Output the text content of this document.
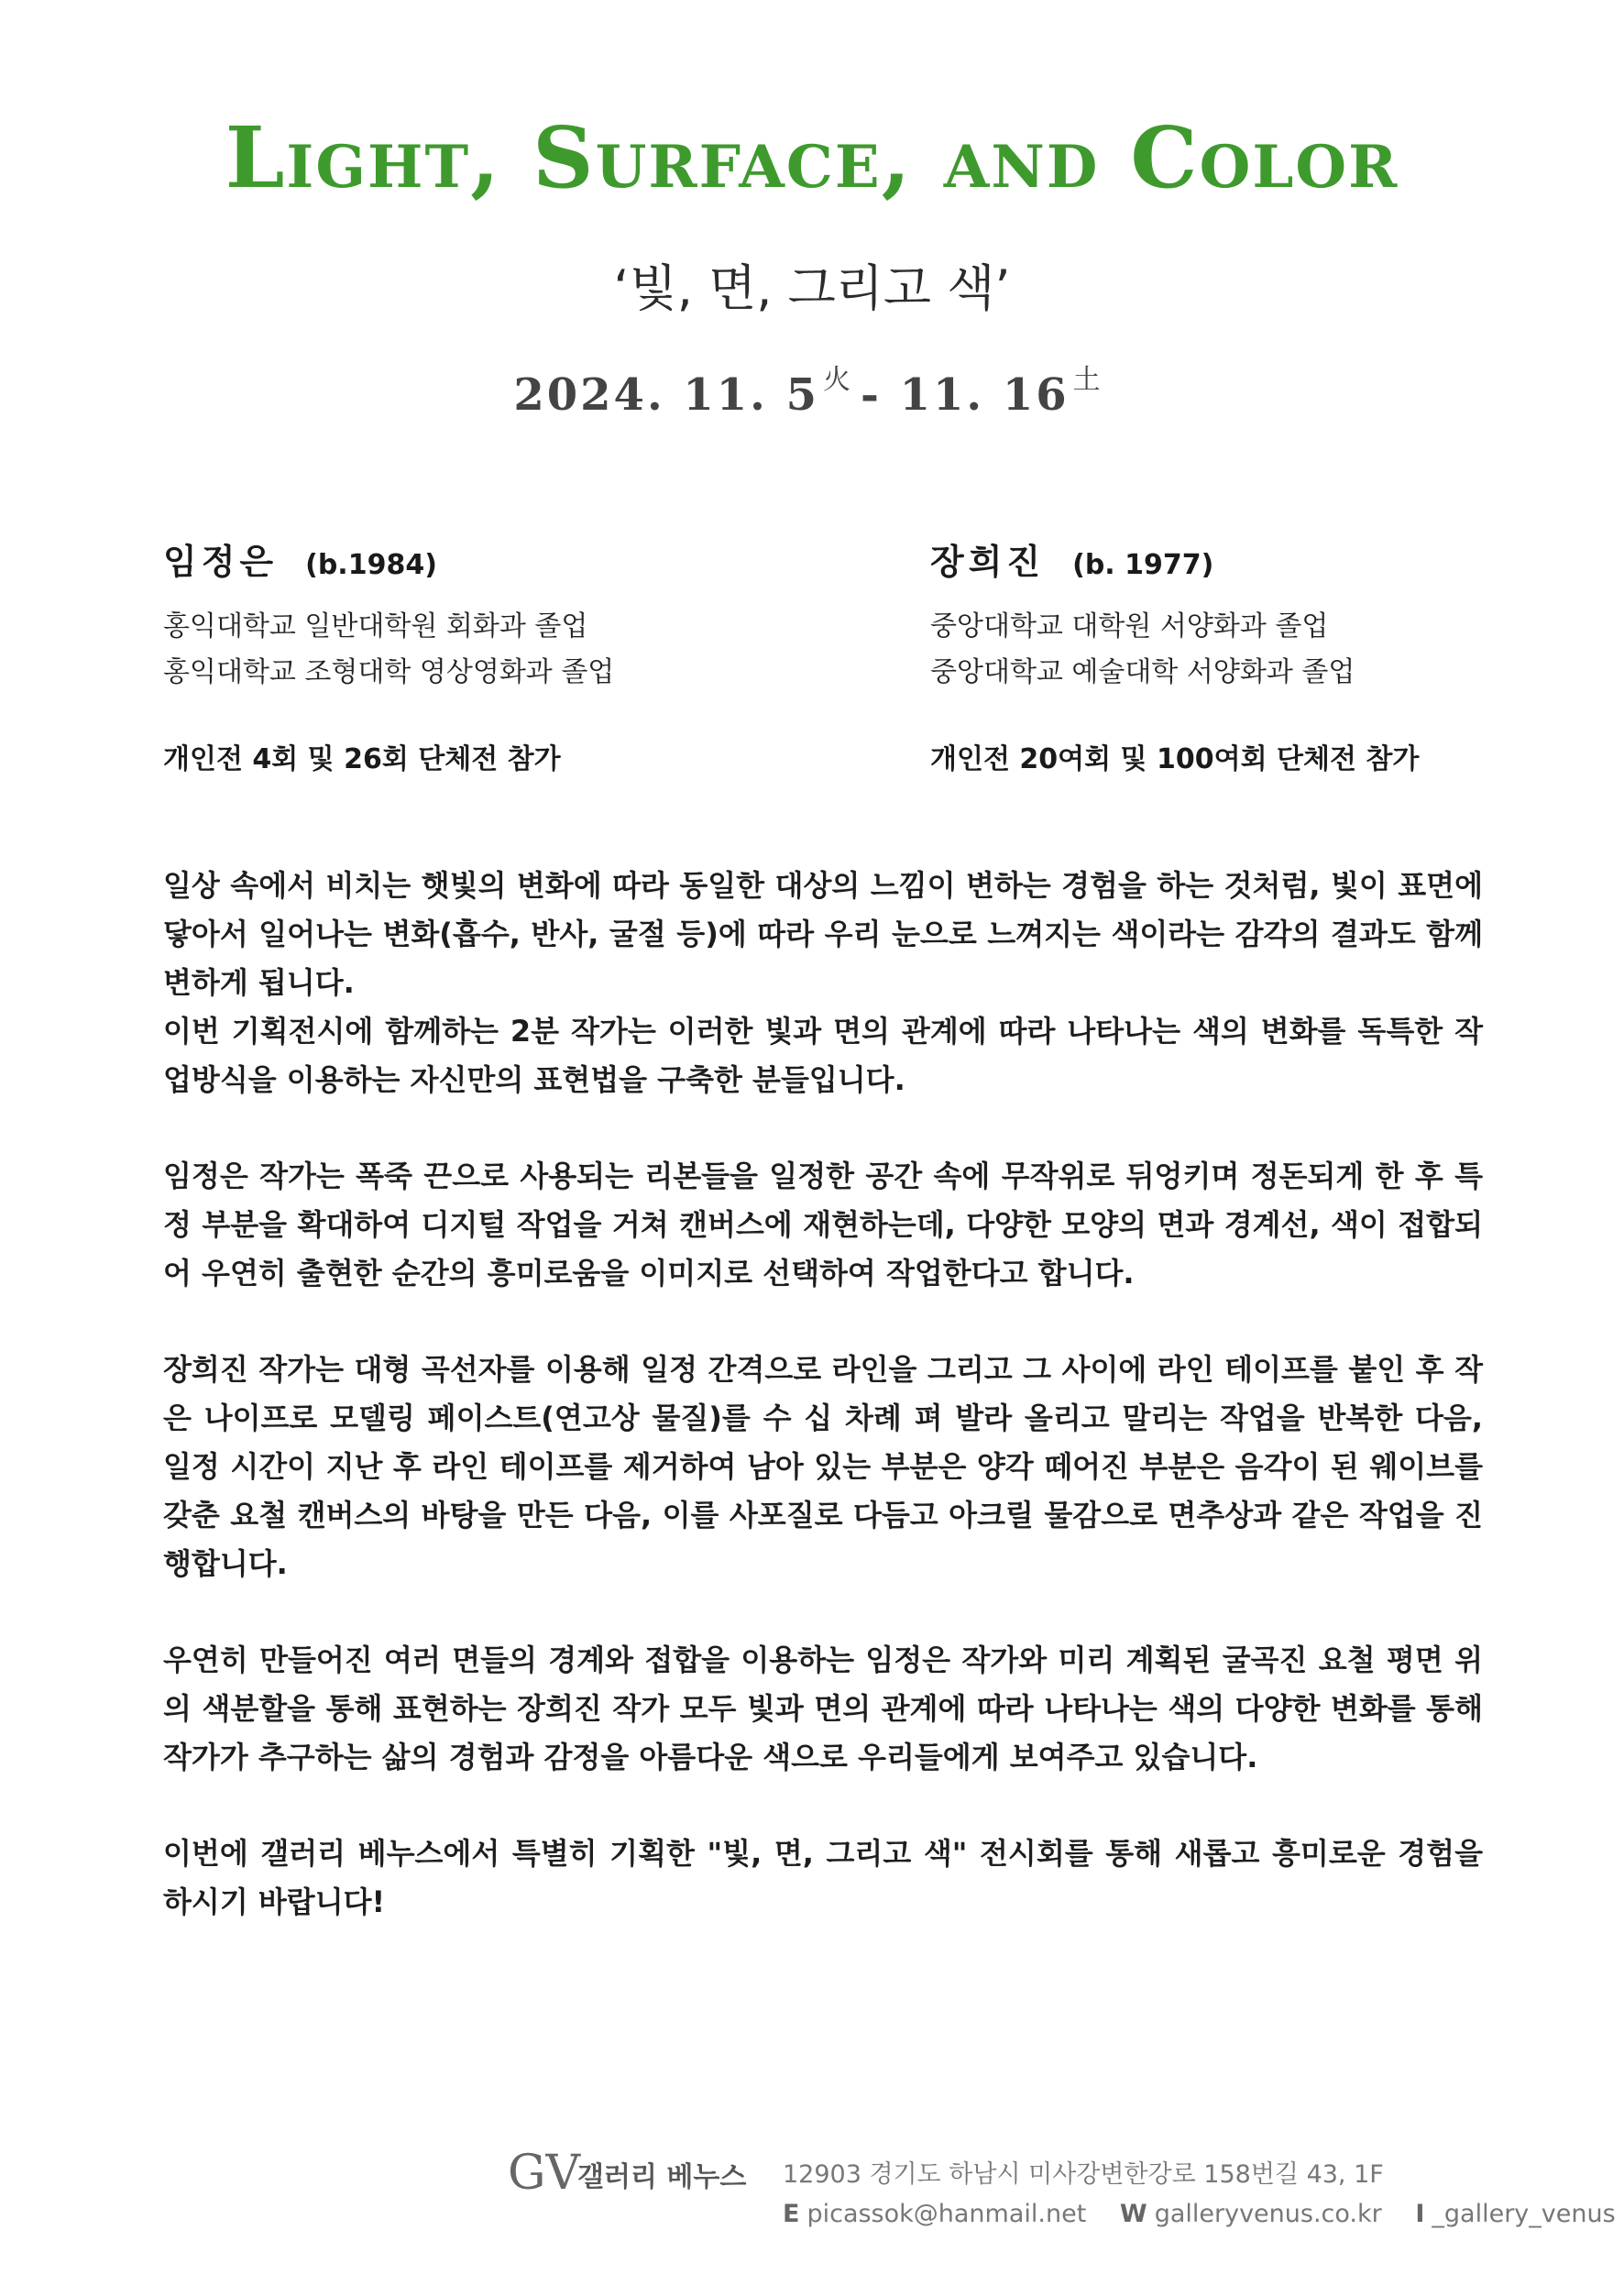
Light, Surface, and Color
‘빛, 면, 그리고 색’
2024. 11. 5 $^火$ - 11. 16 $^土$
임정은 (b.1984)
홍익대학교 일반대학원 회화과 졸업
홍익대학교 조형대학 영상영화과 졸업
개인전 4회 및 26회 단체전 참가
장희진 (b. 1977)
중앙대학교 대학원 서양화과 졸업
중앙대학교 예술대학 서양화과 졸업
개인전 20여회 및 100여회 단체전 참가

일상 속에서 비치는 햇빛의 변화에 따라 동일한 대상의 느낌이 변하는 경험을 하는 것처럼, 빛이 표면에 닿아서 일어나는 변화(흡수, 반사, 굴절 등)에 따라 우리 눈으로 느껴지는 색이라는 감각의 결과도 함께 변하게 됩니다.
이번 기획전시에 함께하는 2분 작가는 이러한 빛과 면의 관계에 따라 나타나는 색의 변화를 독특한 작업방식을 이용하는 자신만의 표현법을 구축한 분들입니다.

임정은 작가는 폭죽 끈으로 사용되는 리본들을 일정한 공간 속에 무작위로 뒤엉키며 정돈되게 한 후 특정 부분을 확대하여 디지털 작업을 거쳐 캔버스에 재현하는데, 다양한 모양의 면과 경계선, 색이 접합되어 우연히 출현한 순간의 흥미로움을 이미지로 선택하여 작업한다고 합니다.

장희진 작가는 대형 곡선자를 이용해 일정 간격으로 라인을 그리고 그 사이에 라인 테이프를 붙인 후 작은 나이프로 모델링 페이스트(연고상 물질)를 수 십 차례 펴 발라 올리고 말리는 작업을 반복한 다음, 일정 시간이 지난 후 라인 테이프를 제거하여 남아 있는 부분은 양각 떼어진 부분은 음각이 된 웨이브를 갖춘 요철 캔버스의 바탕을 만든 다음, 이를 사포질로 다듬고 아크릴 물감으로 면추상과 같은 작업을 진행합니다.

우연히 만들어진 여러 면들의 경계와 접합을 이용하는 임정은 작가와 미리 계획된 굴곡진 요철 평면 위의 색분할을 통해 표현하는 장희진 작가 모두 빛과 면의 관계에 따라 나타나는 색의 다양한 변화를 통해 작가가 추구하는 삶의 경험과 감정을 아름다운 색으로 우리들에게 보여주고 있습니다.

이번에 갤러리 베누스에서 특별히 기획한 "빛, 면, 그리고 색" 전시회를 통해 새롭고 흥미로운 경험을 하시기 바랍니다!

GV
갤러리 베누스 12903 경기도 하남시 미사강변한강로 158번길 43, 1F
E picassok@hanmail.net W galleryvenus.co.kr I _gallery_venus
